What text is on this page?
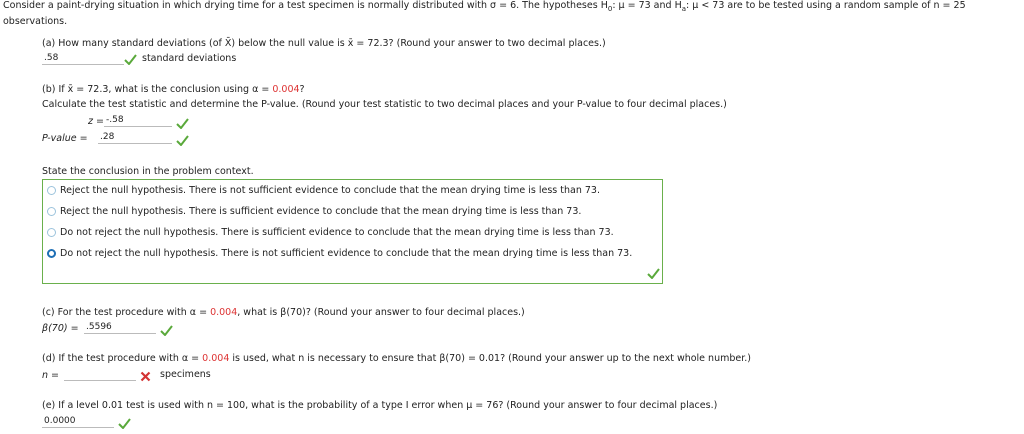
Consider a paint-drying situation in which drying time for a test specimen is normally distributed with σ = 6. The hypotheses $H_0$: μ = 73 and $H_a$: μ < 73 are to be tested using a random sample of n = 25
observations.
(a) How many standard deviations (of X̄) below the null value is x̄ = 72.3? (Round your answer to two decimal places.)
.58	standard deviations
(b) If x̄ = 72.3, what is the conclusion using α = 0.004?
Calculate the test statistic and determine the P-value. (Round your test statistic to two decimal places and your P-value to four decimal places.)
z = -.58
P-value = .28
State the conclusion in the problem context.
Reject the null hypothesis. There is not sufficient evidence to conclude that the mean drying time is less than 73.
Reject the null hypothesis. There is sufficient evidence to conclude that the mean drying time is less than 73.
Do not reject the null hypothesis. There is sufficient evidence to conclude that the mean drying time is less than 73.
Do not reject the null hypothesis. There is not sufficient evidence to conclude that the mean drying time is less than 73.
(c) For the test procedure with α = 0.004, what is β(70)? (Round your answer to four decimal places.)
β(70) = .5596
(d) If the test procedure with α = 0.004 is used, what n is necessary to ensure that β(70) = 0.01? (Round your answer up to the next whole number.)
n =	specimens
(e) If a level 0.01 test is used with n = 100, what is the probability of a type I error when μ = 76? (Round your answer to four decimal places.)
0.0000
